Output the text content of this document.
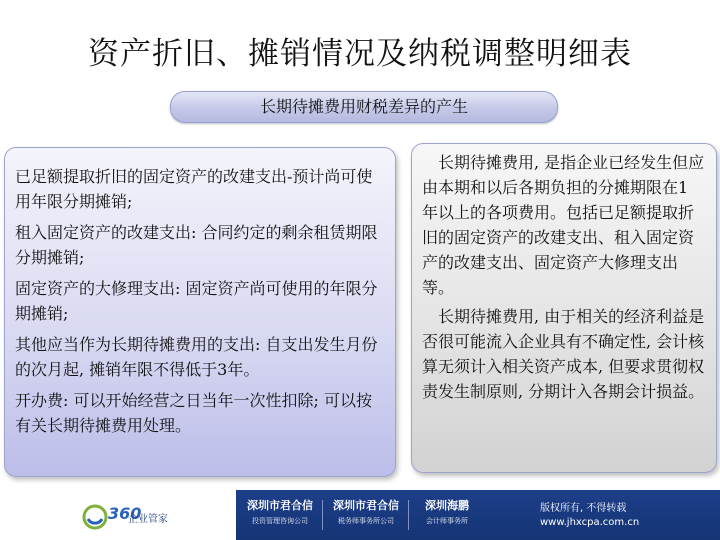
资产折旧、摊销情况及纳税调整明细表
长期待摊费用财税差异的产生

已足额提取折旧的固定资产的改建支出-预计尚可使用年限分期摊销;

租入固定资产的改建支出: 合同约定的剩余租赁期限分期摊销;

固定资产的大修理支出: 固定资产尚可使用的年限分期摊销;

其他应当作为长期待摊费用的支出: 自支出发生月份的次月起, 摊销年限不得低于3年。

开办费: 可以开始经营之日当年一次性扣除; 可以按有关长期待摊费用处理。

长期待摊费用, 是指企业已经发生但应由本期和以后各期负担的分摊期限在1 年以上的各项费用。包括已足额提取折旧的固定资产的改建支出、租入固定资产的改建支出、固定资产大修理支出等。

长期待摊费用, 由于相关的经济利益是否很可能流入企业具有不确定性, 会计核算无须计入相关资产成本, 但要求贯彻权责发生制原则, 分期计入各期会计损益。

360
企业管家
深圳市君合信
投资管理咨询公司
深圳市君合信
税务师事务所公司
深圳海鹏
会计师事务所
版权所有, 不得转载
www.jhxcpa.com.cn
